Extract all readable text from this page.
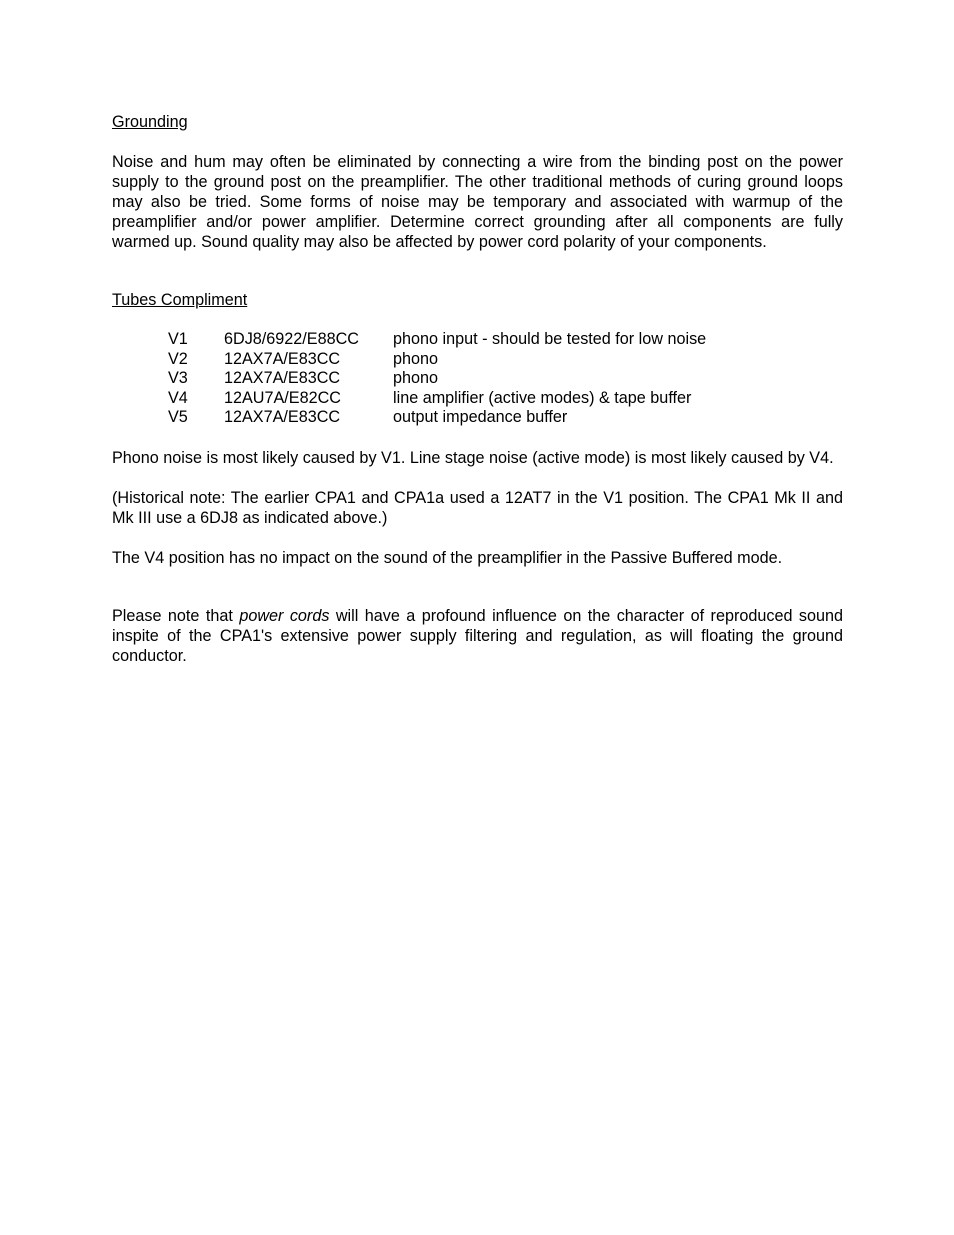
Grounding

Noise and hum may often be eliminated by connecting a wire from the binding post on the power supply to the ground post on the preamplifier. The other traditional methods of curing ground loops may also be tried. Some forms of noise may be temporary and associated with warmup of the preamplifier and/or power amplifier. Determine correct grounding after all components are fully warmed up. Sound quality may also be affected by power cord polarity of your components.

Tubes Compliment

V1	6DJ8/6922/E88CC	phono input - should be tested for low noise
V2	12AX7A/E83CC	phono
V3	12AX7A/E83CC	phono
V4	12AU7A/E82CC	line amplifier (active modes) & tape buffer
V5	12AX7A/E83CC	output impedance buffer

Phono noise is most likely caused by V1. Line stage noise (active mode) is most likely caused by V4.

(Historical note: The earlier CPA1 and CPA1a used a 12AT7 in the V1 position. The CPA1 Mk II and Mk III use a 6DJ8 as indicated above.)

The V4 position has no impact on the sound of the preamplifier in the Passive Buffered mode.

Please note that power cords will have a profound influence on the character of reproduced sound inspite of the CPA1's extensive power supply filtering and regulation, as will floating the ground conductor.
